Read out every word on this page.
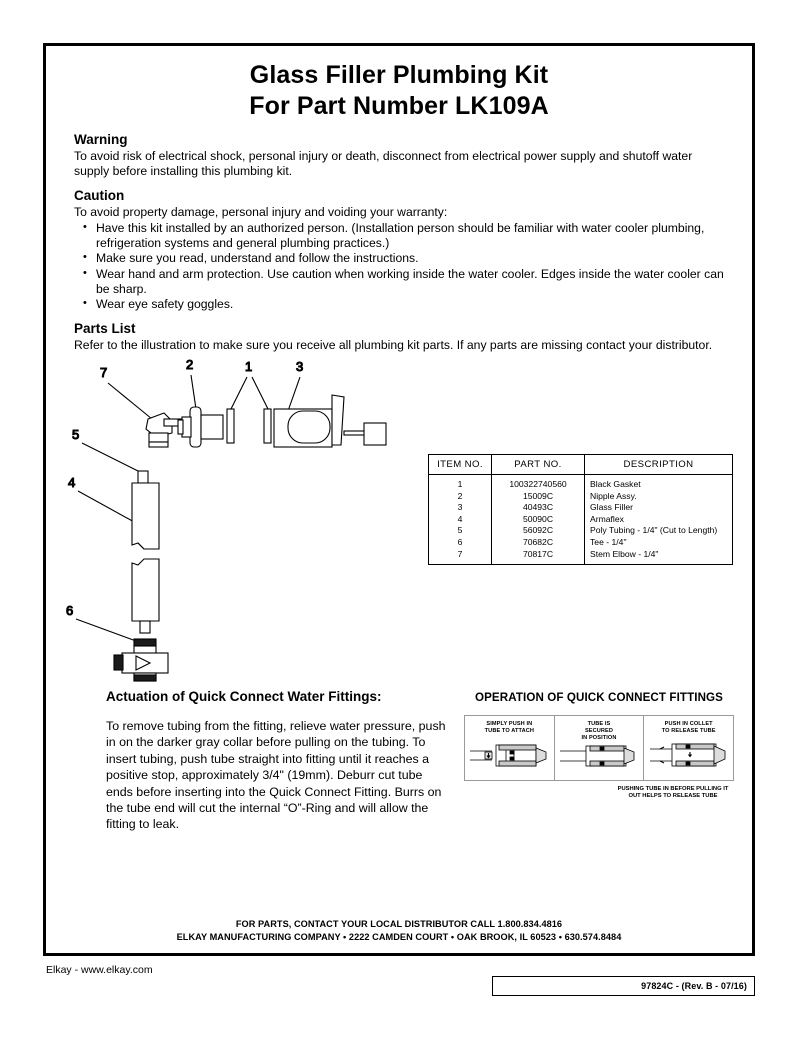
Glass Filler Plumbing Kit
For Part Number LK109A
Warning

To avoid risk of electrical shock, personal injury or death, disconnect from electrical power supply and shutoff water supply before installing this plumbing kit.

Caution

To avoid property damage, personal injury and voiding your warranty:

• Have this kit installed by an authorized person. (Installation person should be familiar with water cooler plumbing, refrigeration systems and general plumbing practices.)
• Make sure you read, understand and follow the instructions.
• Wear hand and arm protection. Use caution when working inside the water cooler. Edges inside the water cooler can be sharp.
• Wear eye safety goggles.
Parts List

Refer to the illustration to make sure you receive all plumbing kit parts. If any parts are missing contact your distributor.

7
2	1	3
5
4
6
ITEM NO.	PART NO.	DESCRIPTION
1	100322740560	Black Gasket
2	15009C	Nipple Assy.
3	40493C	Glass Filler
4	50090C	Armaflex
5	56092C	Poly Tubing - 1/4" (Cut to Length)
6	70682C	Tee - 1/4"
7	70817C	Stem Elbow - 1/4"
Actuation of Quick Connect Water Fittings:
To remove tubing from the fitting, relieve water pressure, push in on the darker gray collar before pulling on the tubing. To insert tubing, push tube straight into fitting until it reaches a positive stop, approximately 3/4" (19mm). Deburr cut tube ends before inserting into the Quick Connect Fitting. Burrs on the tube end will cut the internal “O”-Ring and will allow the fitting to leak.
OPERATION OF QUICK CONNECT FITTINGS
SIMPLY PUSH IN
TUBE TO ATTACH
TUBE IS
SECURED
IN POSITION
PUSH IN COLLET
TO RELEASE TUBE
PUSHING TUBE IN BEFORE PULLING IT OUT HELPS TO RELEASE TUBE
FOR PARTS, CONTACT YOUR LOCAL DISTRIBUTOR CALL 1.800.834.4816
ELKAY MANUFACTURING COMPANY • 2222 CAMDEN COURT • OAK BROOK, IL 60523 • 630.574.8484
Elkay - www.elkay.com
97824C - (Rev. B - 07/16)
